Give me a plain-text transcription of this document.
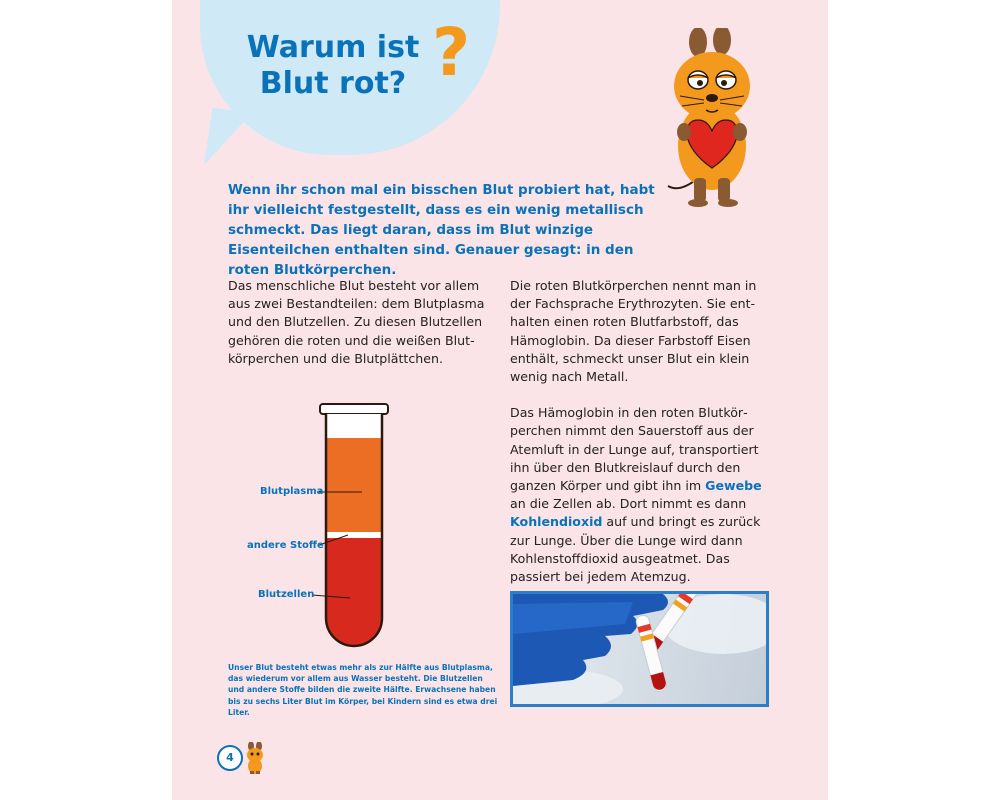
Warum ist
Blut rot? ?

Wenn ihr schon mal ein bisschen Blut probiert hat, habt ihr vielleicht festgestellt, dass es ein wenig metallisch schmeckt. Das liegt daran, dass im Blut winzige Eisenteilchen enthalten sind. Genauer gesagt: in den roten Blutkörperchen.

Das menschliche Blut besteht vor allem aus zwei Bestandteilen: dem Blutplasma und den Blutzellen. Zu diesen Blutzellen gehören die roten und die weißen Blutkörperchen und die Blutplättchen.

Die roten Blutkörperchen nennt man in der Fachsprache Erythrozyten. Sie enthalten einen roten Blutfarbstoff, das Hämoglobin. Da dieser Farbstoff Eisen enthält, schmeckt unser Blut ein klein wenig nach Metall.

Das Hämoglobin in den roten Blutkörperchen nimmt den Sauerstoff aus der Atemluft in der Lunge auf, transportiert ihn über den Blutkreislauf durch den ganzen Körper und gibt ihn im Gewebe an die Zellen ab. Dort nimmt es dann Kohlendioxid auf und bringt es zurück zur Lunge. Über die Lunge wird dann Kohlenstoffdioxid ausgeatmet. Das passiert bei jedem Atemzug.

Blutplasma
andere Stoffe
Blutzellen

Unser Blut besteht etwas mehr als zur Hälfte aus Blutplasma, das wiederum vor allem aus Wasser besteht. Die Blutzellen und andere Stoffe bilden die zweite Hälfte. Erwachsene haben bis zu sechs Liter Blut im Körper, bei Kindern sind es etwa drei Liter.

4
